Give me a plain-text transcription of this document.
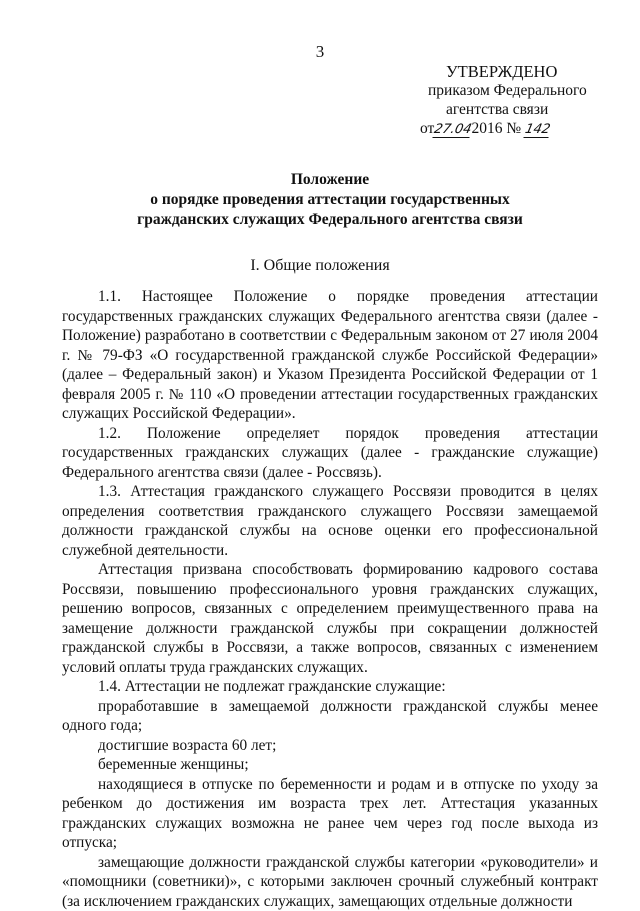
3
УТВЕРЖДЕНО
приказом Федерального
агентства связи
от27.042016 № 142
Положение
о порядке проведения аттестации государственных
гражданских служащих Федерального агентства связи
I. Общие положения

1.1. Настоящее Положение о порядке проведения аттестации государственных гражданских служащих Федерального агентства связи (далее - Положение) разработано в соответствии с Федеральным законом от 27 июля 2004 г. № 79-ФЗ «О государственной гражданской службе Российской Федерации» (далее – Федеральный закон) и Указом Президента Российской Федерации от 1 февраля 2005 г. № 110 «О проведении аттестации государственных гражданских служащих Российской Федерации».

1.2. Положение определяет порядок проведения аттестации государственных гражданских служащих (далее - гражданские служащие) Федерального агентства связи (далее - Россвязь).

1.3. Аттестация гражданского служащего Россвязи проводится в целях определения соответствия гражданского служащего Россвязи замещаемой должности гражданской службы на основе оценки его профессиональной служебной деятельности.

Аттестация призвана способствовать формированию кадрового состава Россвязи, повышению профессионального уровня гражданских служащих, решению вопросов, связанных с определением преимущественного права на замещение должности гражданской службы при сокращении должностей гражданской службы в Россвязи, а также вопросов, связанных с изменением условий оплаты труда гражданских служащих.

1.4. Аттестации не подлежат гражданские служащие:

проработавшие в замещаемой должности гражданской службы менее одного года;

достигшие возраста 60 лет;

беременные женщины;

находящиеся в отпуске по беременности и родам и в отпуске по уходу за ребенком до достижения им возраста трех лет. Аттестация указанных гражданских служащих возможна не ранее чем через год после выхода из отпуска;

замещающие должности гражданской службы категории «руководители» и «помощники (советники)», с которыми заключен срочный служебный контракт (за исключением гражданских служащих, замещающих отдельные должности
